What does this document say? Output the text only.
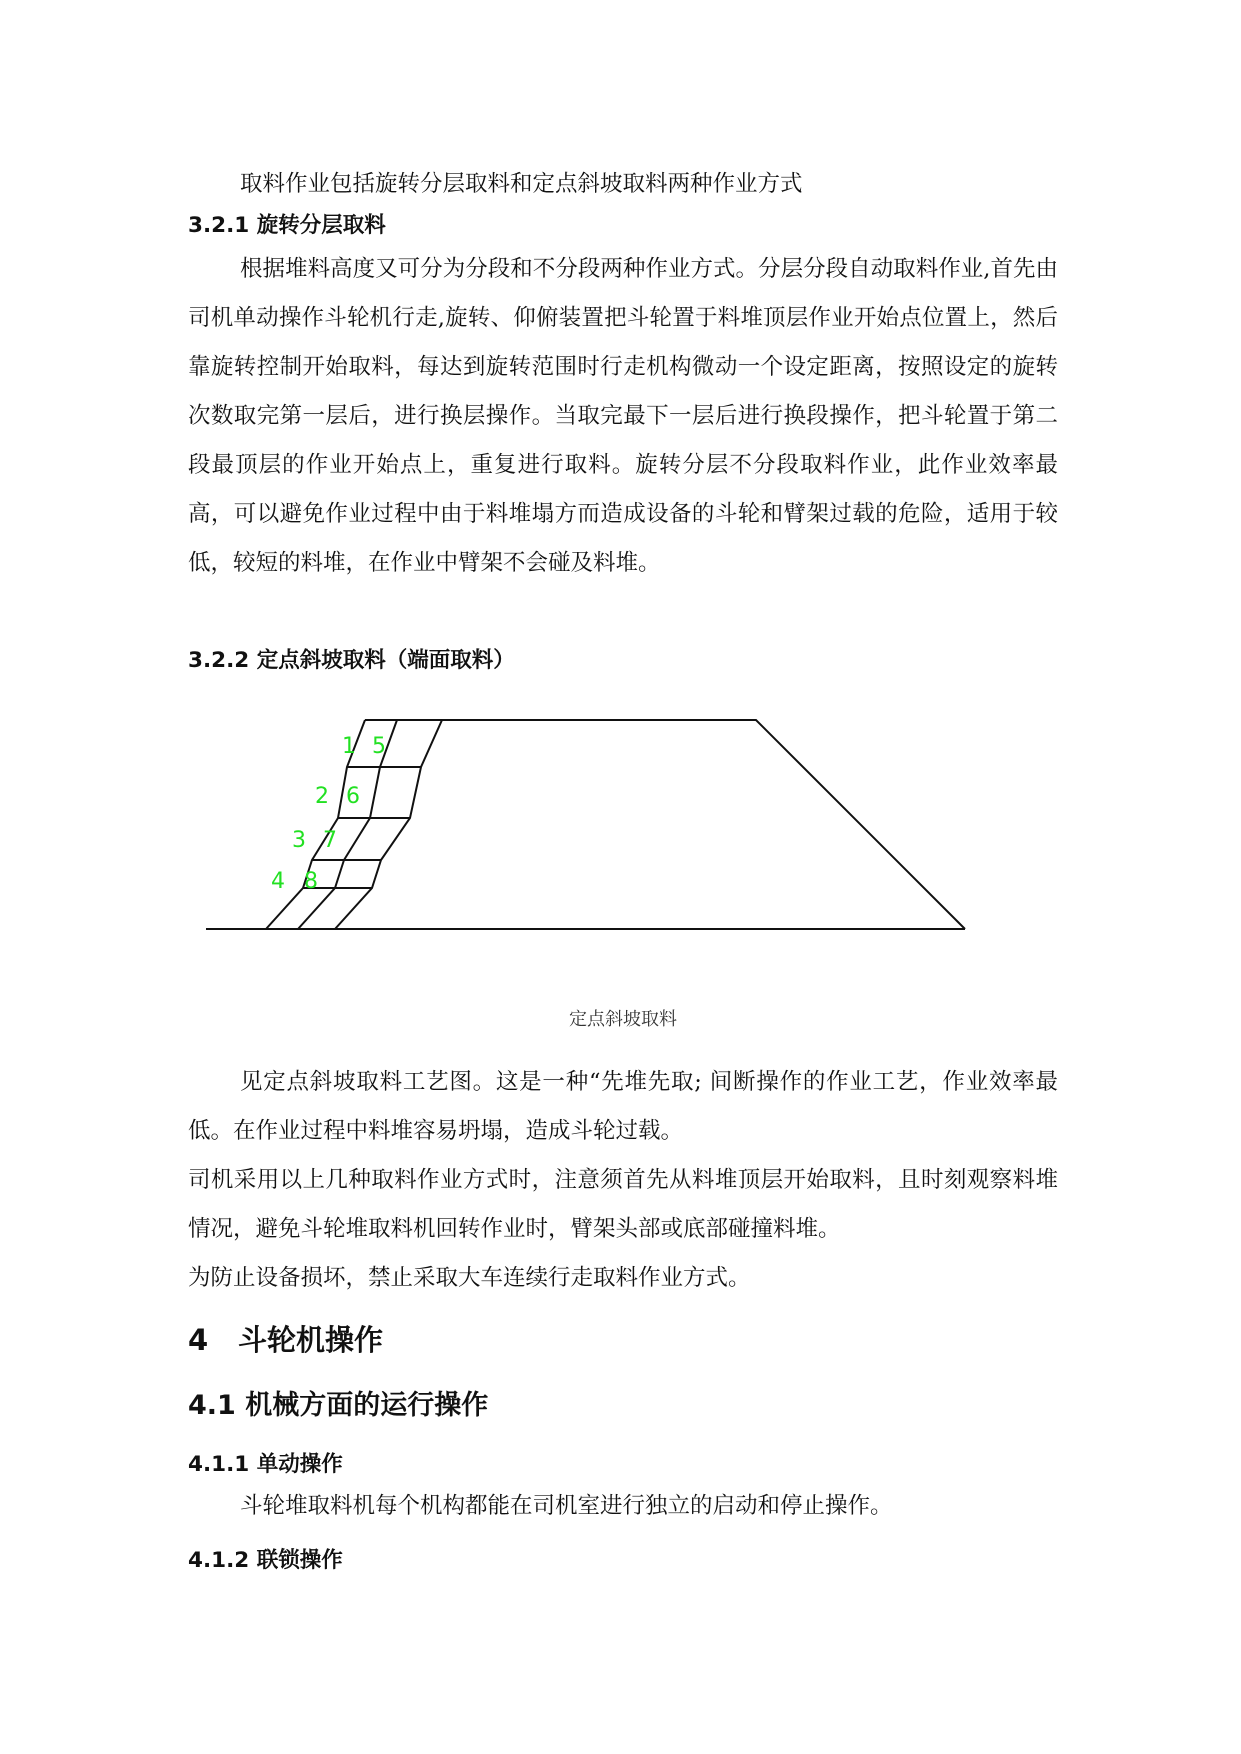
取料作业包括旋转分层取料和定点斜坡取料两种作业方式

3.2.1 旋转分层取料

根据堆料高度又可分为分段和不分段两种作业方式。分层分段自动取料作业,首先由司机单动操作斗轮机行走,旋转、仰俯装置把斗轮置于料堆顶层作业开始点位置上，然后靠旋转控制开始取料，每达到旋转范围时行走机构微动一个设定距离，按照设定的旋转次数取完第一层后，进行换层操作。当取完最下一层后进行换段操作，把斗轮置于第二段最顶层的作业开始点上，重复进行取料。旋转分层不分段取料作业，此作业效率最高，可以避免作业过程中由于料堆塌方而造成设备的斗轮和臂架过载的危险，适用于较低，较短的料堆，在作业中臂架不会碰及料堆。

3.2.2 定点斜坡取料（端面取料）

1 5
2 6
3 7
4 8
定点斜坡取料

见定点斜坡取料工艺图。这是一种“先堆先取; 间断操作的作业工艺，作业效率最低。在作业过程中料堆容易坍塌，造成斗轮过载。

司机采用以上几种取料作业方式时，注意须首先从料堆顶层开始取料，且时刻观察料堆情况，避免斗轮堆取料机回转作业时，臂架头部或底部碰撞料堆。

为防止设备损坏，禁止采取大车连续行走取料作业方式。

4 斗轮机操作

4.1 机械方面的运行操作

4.1.1 单动操作

斗轮堆取料机每个机构都能在司机室进行独立的启动和停止操作。

4.1.2 联锁操作
